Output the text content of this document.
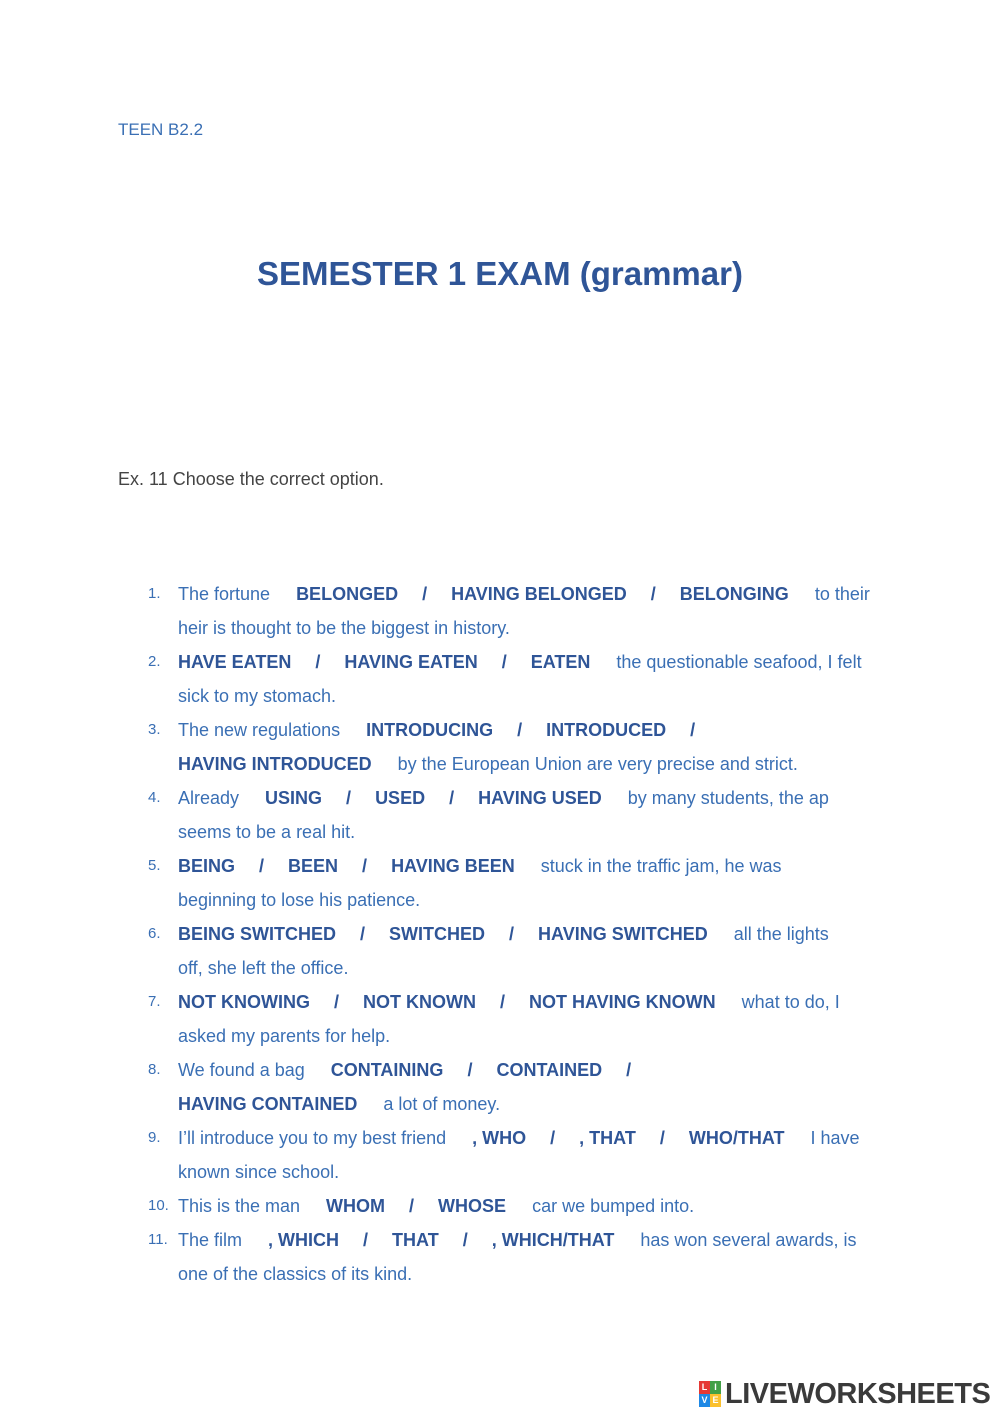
TEEN B2.2
SEMESTER 1 EXAM (grammar)
Ex. 11 Choose the correct option.
1. The fortune BELONGED / HAVING BELONGED / BELONGING to their
heir is thought to be the biggest in history.
2. HAVE EATEN / HAVING EATEN / EATEN the questionable seafood, I felt
sick to my stomach.
3. The new regulations INTRODUCING / INTRODUCED /
HAVING INTRODUCED by the European Union are very precise and strict.
4. Already USING / USED / HAVING USED by many students, the ap
seems to be a real hit.
5. BEING / BEEN / HAVING BEEN stuck in the traffic jam, he was
beginning to lose his patience.
6. BEING SWITCHED / SWITCHED / HAVING SWITCHED all the lights
off, she left the office.
7. NOT KNOWING / NOT KNOWN / NOT HAVING KNOWN what to do, I
asked my parents for help.
8. We found a bag CONTAINING / CONTAINED /
HAVING CONTAINED a lot of money.
9. I’ll introduce you to my best friend , WHO / , THAT / WHO/THAT I have
known since school.
10. This is the man WHOM / WHOSE car we bumped into.
11. The film , WHICH / THAT / , WHICH/THAT has won several awards, is
one of the classics of its kind.
L I
V E LIVEWORKSHEETS
